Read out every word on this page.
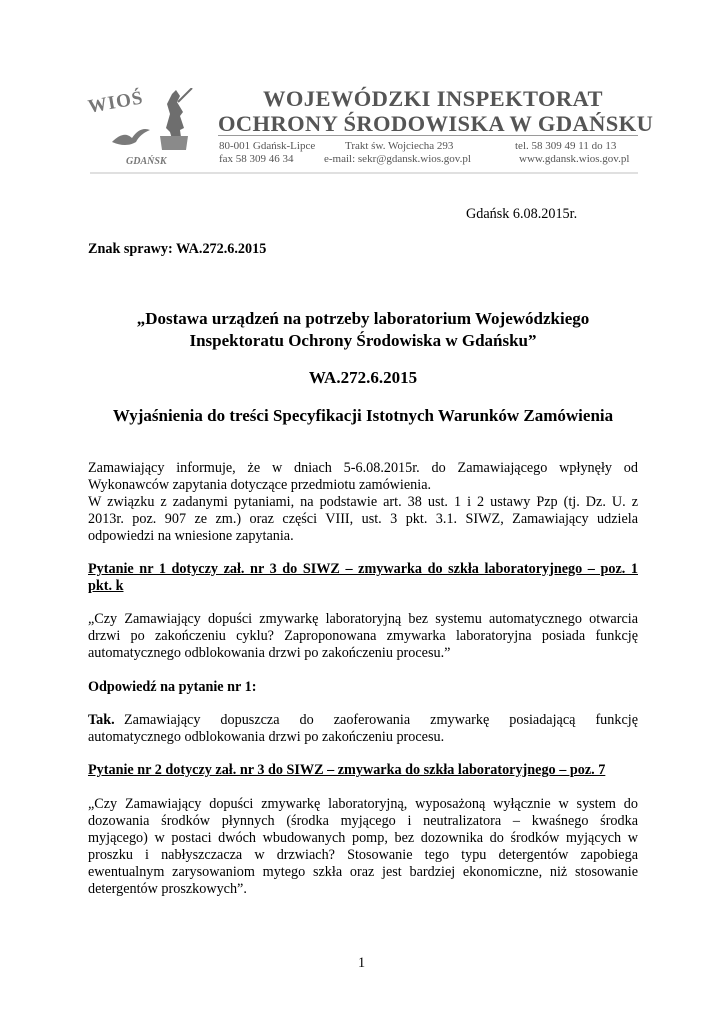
WIOŚ
GDAŃSK
WOJEWÓDZKI INSPEKTORAT
OCHRONY ŚRODOWISKA W GDAŃSKU
80-001 Gdańsk-Lipce
fax 58 309 46 34
Trakt św. Wojciecha 293
e-mail: sekr@gdansk.wios.gov.pl
tel. 58 309 49 11 do 13
www.gdansk.wios.gov.pl
Gdańsk 6.08.2015r.
Znak sprawy: WA.272.6.2015
„Dostawa urządzeń na potrzeby laboratorium Wojewódzkiego
Inspektoratu Ochrony Środowiska w Gdańsku”
WA.272.6.2015
Wyjaśnienia do treści Specyfikacji Istotnych Warunków Zamówienia
Zamawiający informuje, że w dniach 5-6.08.2015r. do Zamawiającego wpłynęły od
Wykonawców zapytania dotyczące przedmiotu zamówienia.
W związku z zadanymi pytaniami, na podstawie art. 38 ust. 1 i 2 ustawy Pzp (tj. Dz. U. z
2013r. poz. 907 ze zm.) oraz części VIII, ust. 3 pkt. 3.1. SIWZ, Zamawiający udziela
odpowiedzi na wniesione zapytania.
Pytanie nr 1 dotyczy zał. nr 3 do SIWZ – zmywarka do szkła laboratoryjnego – poz. 1
pkt. k
„Czy Zamawiający dopuści zmywarkę laboratoryjną bez systemu automatycznego otwarcia
drzwi po zakończeniu cyklu? Zaproponowana zmywarka laboratoryjna posiada funkcję
automatycznego odblokowania drzwi po zakończeniu procesu.”
Odpowiedź na pytanie nr 1:
Tak. Zamawiający dopuszcza do zaoferowania zmywarkę posiadającą funkcję
automatycznego odblokowania drzwi po zakończeniu procesu.
Pytanie nr 2 dotyczy zał. nr 3 do SIWZ – zmywarka do szkła laboratoryjnego – poz. 7
„Czy Zamawiający dopuści zmywarkę laboratoryjną, wyposażoną wyłącznie w system do
dozowania środków płynnych (środka myjącego i neutralizatora – kwaśnego środka
myjącego) w postaci dwóch wbudowanych pomp, bez dozownika do środków myjących w
proszku i nabłyszczacza w drzwiach? Stosowanie tego typu detergentów zapobiega
ewentualnym zarysowaniom mytego szkła oraz jest bardziej ekonomiczne, niż stosowanie
detergentów proszkowych”.
1
